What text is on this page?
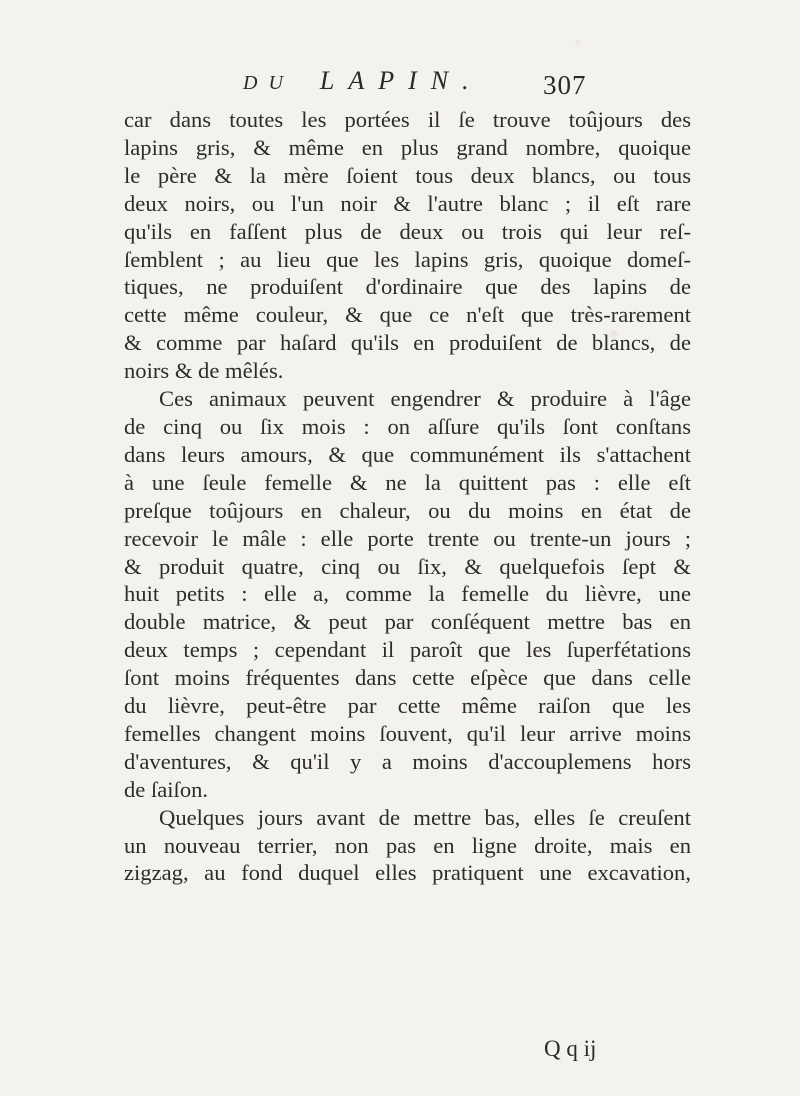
DU LAPIN. 307

car dans toutes les portées il ſe trouve toûjours des

lapins gris, & même en plus grand nombre, quoique

le père & la mère ſoient tous deux blancs, ou tous

deux noirs, ou l'un noir & l'autre blanc ; il eſt rare

qu'ils en faſſent plus de deux ou trois qui leur reſ-

ſemblent ; au lieu que les lapins gris, quoique domeſ-

tiques, ne produiſent d'ordinaire que des lapins de

cette même couleur, & que ce n'eſt que très-rarement

& comme par haſard qu'ils en produiſent de blancs, de

noirs & de mêlés.

Ces animaux peuvent engendrer & produire à l'âge

de cinq ou ſix mois : on aſſure qu'ils ſont conſtans

dans leurs amours, & que communément ils s'attachent

à une ſeule femelle & ne la quittent pas : elle eſt

preſque toûjours en chaleur, ou du moins en état de

recevoir le mâle : elle porte trente ou trente-un jours ;

& produit quatre, cinq ou ſix, & quelquefois ſept &

huit petits : elle a, comme la femelle du lièvre, une

double matrice, & peut par conſéquent mettre bas en

deux temps ; cependant il paroît que les ſuperfétations

ſont moins fréquentes dans cette eſpèce que dans celle

du lièvre, peut-être par cette même raiſon que les

femelles changent moins ſouvent, qu'il leur arrive moins

d'aventures, & qu'il y a moins d'accouplemens hors

de ſaiſon.

Quelques jours avant de mettre bas, elles ſe creuſent

un nouveau terrier, non pas en ligne droite, mais en

zigzag, au fond duquel elles pratiquent une excavation,

Q q ij
